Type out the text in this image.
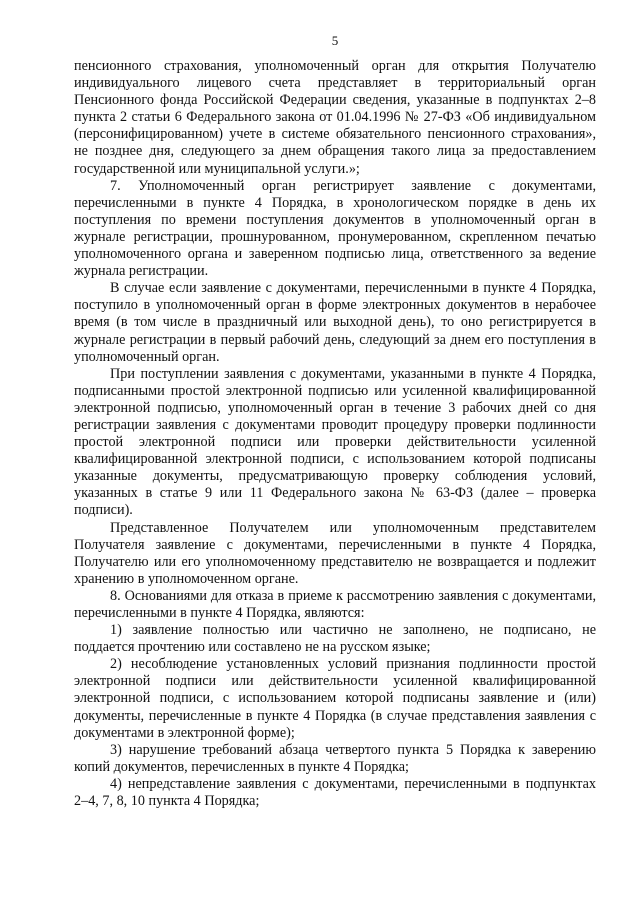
5

пенсионного страхования, уполномоченный орган для открытия Получателю индивидуального лицевого счета представляет в территориальный орган Пенсионного фонда Российской Федерации сведения, указанные в подпунктах 2–8 пункта 2 статьи 6 Федерального закона от 01.04.1996 № 27-ФЗ «Об индивидуальном (персонифицированном) учете в системе обязательного пенсионного страхования», не позднее дня, следующего за днем обращения такого лица за предоставлением государственной или муниципальной услуги.»;

7. Уполномоченный орган регистрирует заявление с документами, перечисленными в пункте 4 Порядка, в хронологическом порядке в день их поступления по времени поступления документов в уполномоченный орган в журнале регистрации, прошнурованном, пронумерованном, скрепленном печатью уполномоченного органа и заверенном подписью лица, ответственного за ведение журнала регистрации.

В случае если заявление с документами, перечисленными в пункте 4 Порядка, поступило в уполномоченный орган в форме электронных документов в нерабочее время (в том числе в праздничный или выходной день), то оно регистрируется в журнале регистрации в первый рабочий день, следующий за днем его поступления в уполномоченный орган.

При поступлении заявления с документами, указанными в пункте 4 Порядка, подписанными простой электронной подписью или усиленной квалифицированной электронной подписью, уполномоченный орган в течение 3 рабочих дней со дня регистрации заявления с документами проводит процедуру проверки подлинности простой электронной подписи или проверки действительности усиленной квалифицированной электронной подписи, с использованием которой подписаны указанные документы, предусматривающую проверку соблюдения условий, указанных в статье 9 или 11 Федерального закона № 63-ФЗ (далее – проверка подписи).

Представленное Получателем или уполномоченным представителем Получателя заявление с документами, перечисленными в пункте 4 Порядка, Получателю или его уполномоченному представителю не возвращается и подлежит хранению в уполномоченном органе.

8. Основаниями для отказа в приеме к рассмотрению заявления с документами, перечисленными в пункте 4 Порядка, являются:

1) заявление полностью или частично не заполнено, не подписано, не поддается прочтению или составлено не на русском языке;

2) несоблюдение установленных условий признания подлинности простой электронной подписи или действительности усиленной квалифицированной электронной подписи, с использованием которой подписаны заявление и (или) документы, перечисленные в пункте 4 Порядка (в случае представления заявления с документами в электронной форме);

3) нарушение требований абзаца четвертого пункта 5 Порядка к заверению копий документов, перечисленных в пункте 4 Порядка;

4) непредставление заявления с документами, перечисленными в подпунктах 2–4, 7, 8, 10 пункта 4 Порядка;
